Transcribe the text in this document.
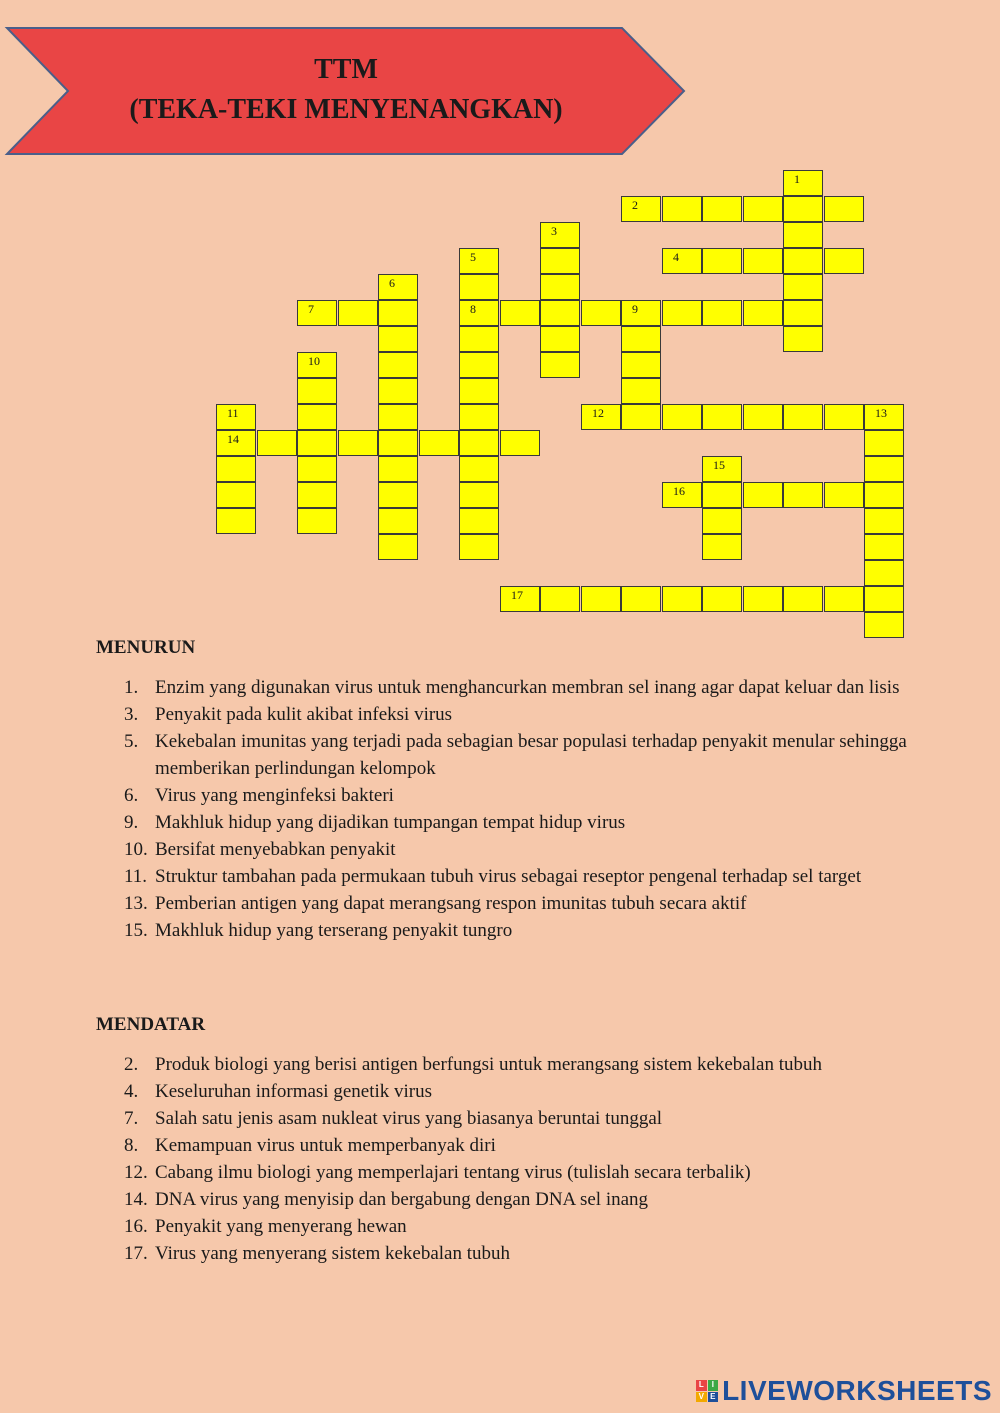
TTM
(TEKA-TEKI MENYENANGKAN)
2
4
7	8	9
12	13
14
16
17
1
3
5
6
10
11
15
MENURUN
1. Enzim yang digunakan virus untuk menghancurkan membran sel inang agar dapat keluar dan lisis
3. Penyakit pada kulit akibat infeksi virus
5. Kekebalan imunitas yang terjadi pada sebagian besar populasi terhadap penyakit menular sehingga memberikan perlindungan kelompok
6. Virus yang menginfeksi bakteri
9. Makhluk hidup yang dijadikan tumpangan tempat hidup virus
10. Bersifat menyebabkan penyakit
11. Struktur tambahan pada permukaan tubuh virus sebagai reseptor pengenal terhadap sel target
13. Pemberian antigen yang dapat merangsang respon imunitas tubuh secara aktif
15. Makhluk hidup yang terserang penyakit tungro
MENDATAR
2. Produk biologi yang berisi antigen berfungsi untuk merangsang sistem kekebalan tubuh
4. Keseluruhan informasi genetik virus
7. Salah satu jenis asam nukleat virus yang biasanya beruntai tunggal
8. Kemampuan virus untuk memperbanyak diri
12. Cabang ilmu biologi yang memperlajari tentang virus (tulislah secara terbalik)
14. DNA virus yang menyisip dan bergabung dengan DNA sel inang
16. Penyakit yang menyerang hewan
17. Virus yang menyerang sistem kekebalan tubuh
L I
V E LIVEWORKSHEETS
